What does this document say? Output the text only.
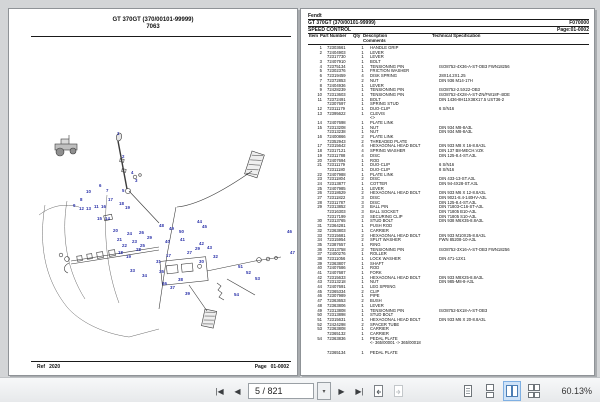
GT 370GT (370/00101-99999)
7063
1
2
4
3
5
6
7
10
8
9
12 13 11
17
16
14
15
18
19
20
48
49
50
44
45
46
47
40 41
42
43
24 26
23
25
29
21
22
28
18
19
27
29
30
31
17	32
33
34
35
36
37
38
39
51
52
53
54
Ref 2020	Page 01-0002
Fendt
GT 370GT (370/00101-99999)	F070000
SPEED CONTROL	Page:01-0002
Item Part Number Qty Description
Comments
Technical Specification
1 72303661	1	HANDLE GRIP
2 72404903	1	LEVER
72317730	1	LEVER
3 72407910	1	BOLT
4 72375134	1	TENSIONING PIN	ISO8752-4X36-A-ST-OB3 FWN18256
5 72302376	1	FRICTION WASHER
6 72319459	4	DISK SPRING	28X14.2X1.25
7 72372853	2	NUT	DIN 936 M14-17H
8 72404936	1	LEVER
9 72428239	1	TENSIONING PIN	ISO8752-2.5X22-OB3
10 72313603	1	TENSIONING PIN	ISO8752-4X28-A-ST-ZN/FW18F-4IDE
11 72372491	1	BOLT	DIN 1436-8H11X38X17.5 UST36-2
72307697	1	SPRING STUD
12 72311179	1	DUO-CLIP	6 S/N16
13 72395622	1	CLEVIS
<>
14 72407698	1	PLATE LINK
15 72313208	1	NUT	DIN 934 M8-8A3L
72313238	1	NUT	DIN 934 M8-8A3L
16 72400866	2	PLATE LINK
72352943	2	THREADED PLATE
17 72315642	4	HEXAGONAL HEAD BOLT	DIN 933 M8 X 16-8.8A3L
18 72317121	4	SPRING WASHER	DIN 137 B8-MECH.VZK
19 72311788	4	DISC	DIN 125-8.4-ST.A3L
20 72407694	1	ROD
21 72311179	1	DUO-CLIP	6 S/N16
72311180	1	DUO-CLIP	8 S/N16
22 72407988	1	PLATE LINK
23 72311804	2	DISC	DIN 433-13-ST.A3L
24 72313877	1	COTTER	DIN 94-4X28-ST.A3L
25 72407985	1	LEVER
26 72318629	2	HEXAGONAL HEAD BOLT	DIN 933 M6 X 12-8.8A3L
27 72311822	3	DISC	DIN 9021-8.4-140HV-A3L
28 72311787	3	DISC	DIN 125-8.4-ST.A3L
29 72313852	3	BALL PIN	DIN 71803-C16-ST-A3L
72316303	3	BALL SOCKET	DIN 71805 B10-A3L
72317199	3	SECURING CLIP	DIN 71805 S10-A3L
30 72313765	1	STUD BOLT	DIN 938 M6X35-8.8A3L
31 72364281	1	PUSH ROD
32 72363803	1	CARRIER
33 72315681	2	HEXAGONAL HEAD BOLT	DIN 933 M10X25-8.8A3L
34 72315954	2	SPLIT WASHER	FWN 85208-10-A3L
35 72387657	1	RING
36 72313758	2	TENSIONING PIN	ISO8752-3X16-A-ST-OB3 FWN18256
37 72400276	1	ROLLER
38 72311056	1	LOCK WASHER	DIN 471-12X1
39 72363807	1	SHAFT
40 72407686	1	ROD
41 72407687	1	FORK
42 72315633	1	HEXAGONAL HEAD BOLT	DIN 933 M8X25-8.8A3L
43 72313218	1	NUT	DIN 985-M8-8-A3L
44 72407691	1	LEG SPRING
45 72365334	2	CLIP
46 72307989	1	PIPE
47 72363653	2	BUSH
48 72363806	1	LEVER
49 72313808	1	TENSIONING PIN	ISO8752-5X18-A-ST-OB3
50 72313898	1	STUD BOLT
51 72315631	1	HEXAGONAL HEAD BOLT	DIN 933 M6 X 20-8.8A3L
52 72424298	2	SPACER TUBE
53 72363808	1	CARRIER
72365132	1	CARRIER
54 72363836	1	PEDAL PLATE
<- 365/00001 -> 365/00018
72365134	1	PEDAL PLATE
|◀	◀	5 / 821	▾	▶	▶|	60.13%
